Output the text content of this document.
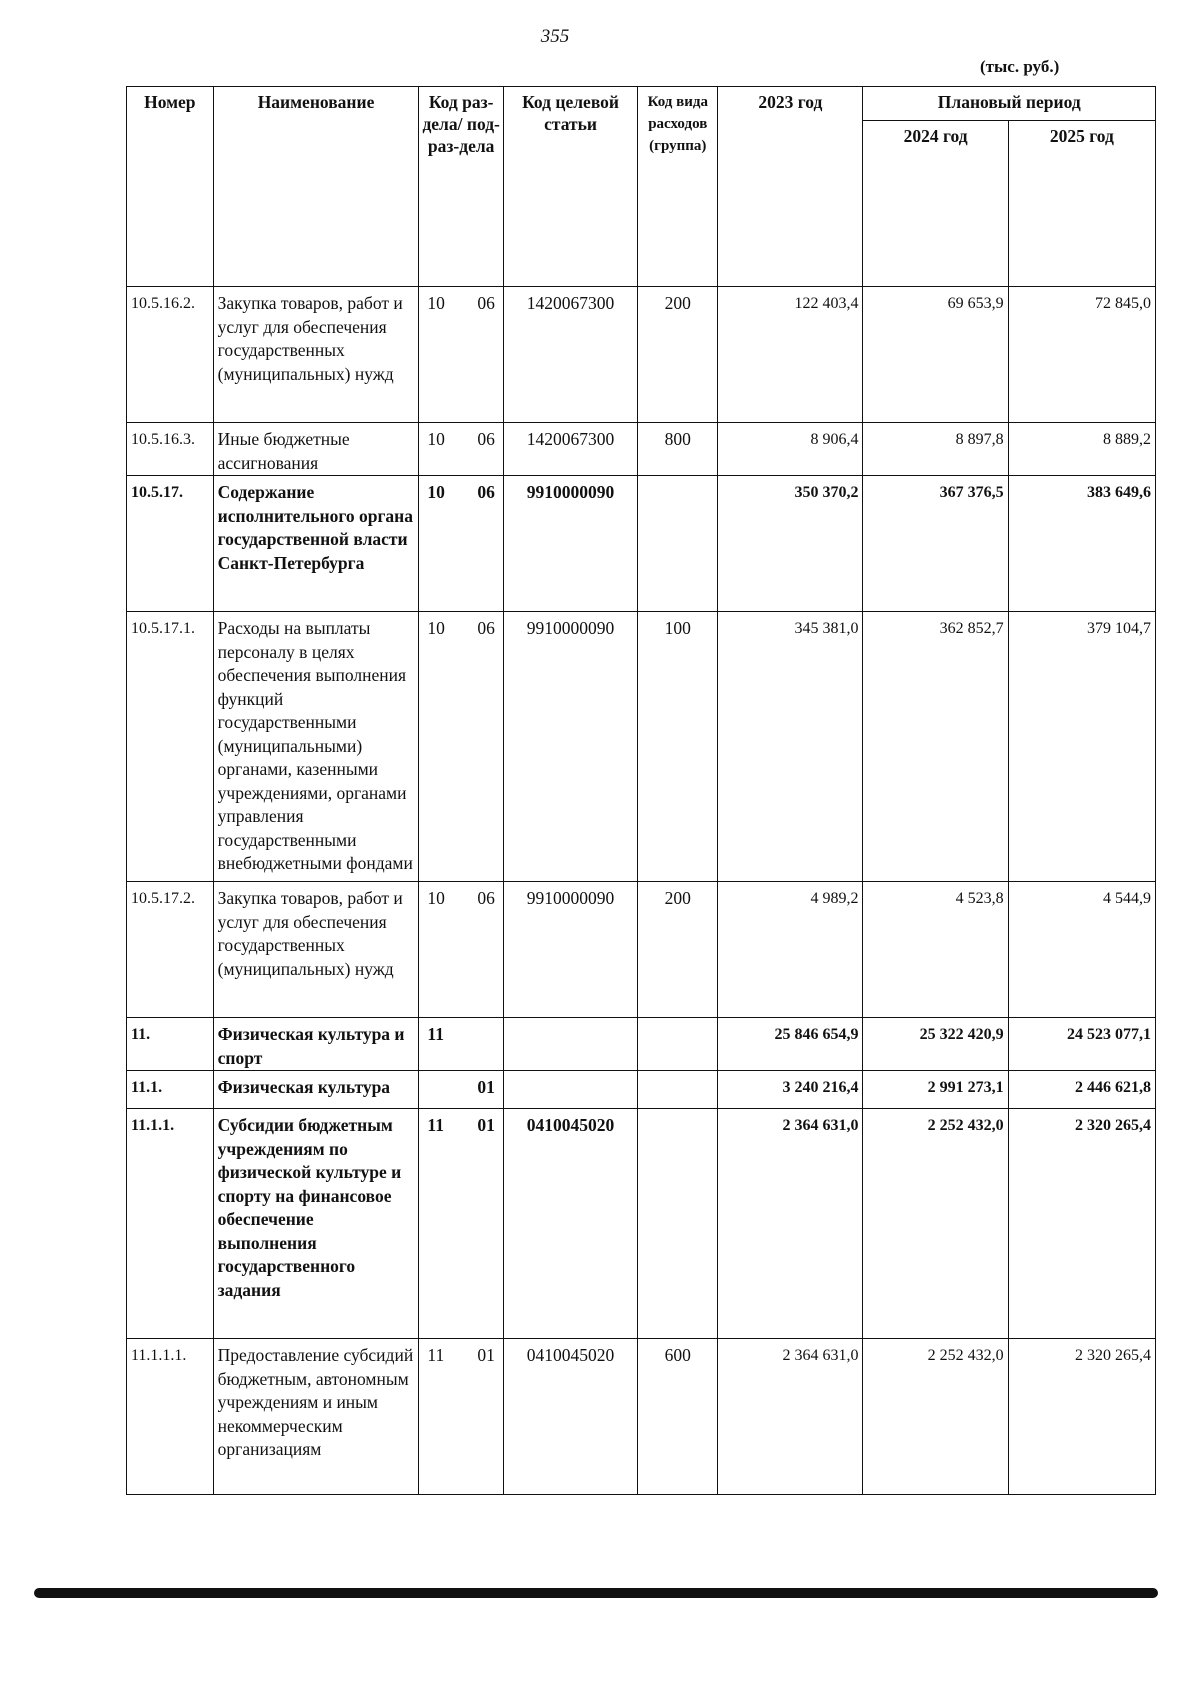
355
(тыс. руб.)
Номер	Наименование	Код раз-дела/ под-раз-дела	Код целевой статьи	Код вида расходов (группа)	2023 год	Плановый период	
						2024 год	2025 год
10.5.16.2.	Закупка товаров, работ и услуг для обеспечения государственных (муниципальных) нужд	10 06	1420067300	200	122 403,4	69 653,9	72 845,0
10.5.16.3.	Иные бюджетные ассигнования	10 06	1420067300	800	8 906,4	8 897,8	8 889,2
10.5.17.	Содержание исполнительного органа государственной власти Санкт-Петербурга	10 06	9910000090		350 370,2	367 376,5	383 649,6
10.5.17.1.	Расходы на выплаты персоналу в целях обеспечения выполнения функций государственными (муниципальными) органами, казенными учреждениями, органами управления государственными внебюджетными фондами	10 06	9910000090	100	345 381,0	362 852,7	379 104,7
10.5.17.2.	Закупка товаров, работ и услуг для обеспечения государственных (муниципальных) нужд	10 06	9910000090	200	4 989,2	4 523,8	4 544,9
11.	Физическая культура и спорт	11			25 846 654,9	25 322 420,9	24 523 077,1
11.1.	Физическая культура	01			3 240 216,4	2 991 273,1	2 446 621,8
11.1.1.	Субсидии бюджетным учреждениям по физической культуре и спорту на финансовое обеспечение выполнения государственного задания	11 01	0410045020		2 364 631,0	2 252 432,0	2 320 265,4
11.1.1.1.	Предоставление субсидий бюджетным, автономным учреждениям и иным некоммерческим организациям	11 01	0410045020	600	2 364 631,0	2 252 432,0	2 320 265,4
